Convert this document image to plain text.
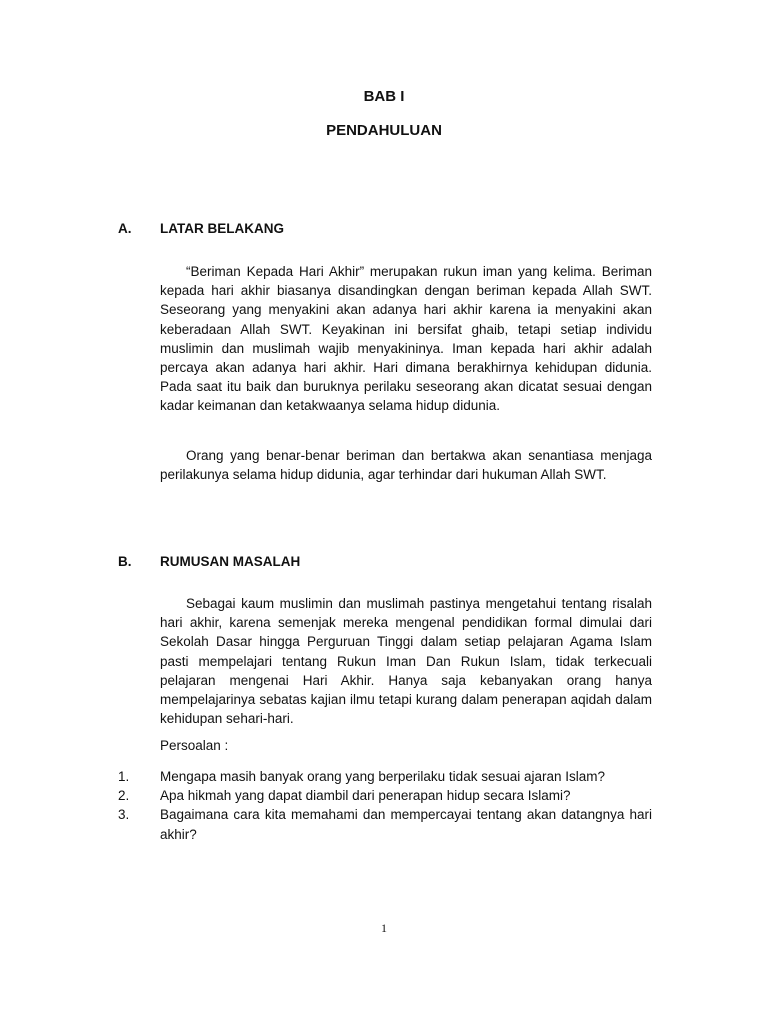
BAB I

PENDAHULUAN

A. LATAR BELAKANG

“Beriman Kepada Hari Akhir” merupakan rukun iman yang kelima. Beriman kepada hari akhir biasanya disandingkan dengan beriman kepada Allah SWT. Seseorang yang menyakini akan adanya hari akhir karena ia menyakini akan keberadaan Allah SWT. Keyakinan ini bersifat ghaib, tetapi setiap individu muslimin dan muslimah wajib menyakininya. Iman kepada hari akhir adalah percaya akan adanya hari akhir. Hari dimana berakhirnya kehidupan didunia. Pada saat itu baik dan buruknya perilaku seseorang akan dicatat sesuai dengan kadar keimanan dan ketakwaanya selama hidup didunia.

Orang yang benar-benar beriman dan bertakwa akan senantiasa menjaga perilakunya selama hidup didunia, agar terhindar dari hukuman Allah SWT.

B. RUMUSAN MASALAH

Sebagai kaum muslimin dan muslimah pastinya mengetahui tentang risalah hari akhir, karena semenjak mereka mengenal pendidikan formal dimulai dari Sekolah Dasar hingga Perguruan Tinggi dalam setiap pelajaran Agama Islam pasti mempelajari tentang Rukun Iman Dan Rukun Islam, tidak terkecuali pelajaran mengenai Hari Akhir. Hanya saja kebanyakan orang hanya mempelajarinya sebatas kajian ilmu tetapi kurang dalam penerapan aqidah dalam kehidupan sehari-hari.

Persoalan :

1.	Mengapa masih banyak orang yang berperilaku tidak sesuai ajaran Islam?
2.	Apa hikmah yang dapat diambil dari penerapan hidup secara Islami?
3.	Bagaimana cara kita memahami dan mempercayai tentang akan datangnya hari akhir?

1
